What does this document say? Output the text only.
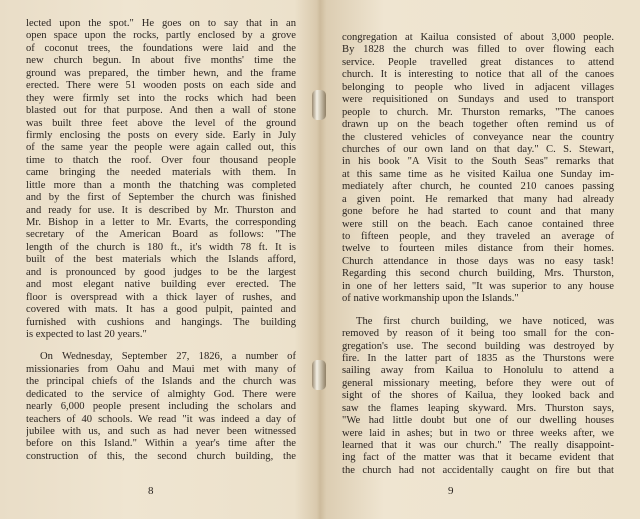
lected upon the spot." He goes on to say that in an
open space upon the rocks, partly enclosed by a grove
of coconut trees, the foundations were laid and the
new church begun. In about five months' time the
ground was prepared, the timber hewn, and the frame
erected. There were 51 wooden posts on each side and
they were firmly set into the rocks which had been
blasted out for that purpose. And then a wall of stone
was built three feet above the level of the ground
firmly enclosing the posts on every side. Early in July
of the same year the people were again called out, this
time to thatch the roof. Over four thousand people
came bringing the needed materials with them. In
little more than a month the thatching was completed
and by the first of September the church was finished
and ready for use. It is described by Mr. Thurston and
Mr. Bishop in a letter to Mr. Evarts, the corresponding
secretary of the American Board as follows: "The
length of the church is 180 ft., it's width 78 ft. It is
built of the best materials which the Islands afford,
and is pronounced by good judges to be the largest
and most elegant native building ever erected. The
floor is overspread with a thick layer of rushes, and
covered with mats. It has a good pulpit, painted and
furnished with cushions and hangings. The building
is expected to last 20 years."
On Wednesday, September 27, 1826, a number of
missionaries from Oahu and Maui met with many of
the principal chiefs of the Islands and the church was
dedicated to the service of almighty God. There were
nearly 6,000 people present including the scholars and
teachers of 40 schools. We read "it was indeed a day of
jubilee with us, and such as had never been witnessed
before on this Island." Within a year's time after the
construction of this, the second church building, the
8
congregation at Kailua consisted of about 3,000 people.
By 1828 the church was filled to over flowing each
service. People travelled great distances to attend
church. It is interesting to notice that all of the canoes
belonging to people who lived in adjacent villages
were requisitioned on Sundays and used to transport
people to church. Mr. Thurston remarks, "The canoes
drawn up on the beach together often remind us of
the clustered vehicles of conveyance near the country
churches of our own land on that day." C. S. Stewart,
in his book "A Visit to the South Seas" remarks that
at this same time as he visited Kailua one Sunday im-
mediately after church, he counted 210 canoes passing
a given point. He remarked that many had already
gone before he had started to count and that many
were still on the beach. Each canoe contained three
to fifteen people, and they traveled an average of
twelve to fourteen miles distance from their homes.
Church attendance in those days was no easy task!
Regarding this second church building, Mrs. Thurston,
in one of her letters said, "It was superior to any house
of native workmanship upon the Islands."
The first church building, we have noticed, was
removed by reason of it being too small for the con-
gregation's use. The second building was destroyed by
fire. In the latter part of 1835 as the Thurstons were
sailing away from Kailua to Honolulu to attend a
general missionary meeting, before they were out of
sight of the shores of Kailua, they looked back and
saw the flames leaping skyward. Mrs. Thurston says,
"We had little doubt but one of our dwelling houses
were laid in ashes; but in two or three weeks after, we
learned that it was our church." The really disappoint-
ing fact of the matter was that it became evident that
the church had not accidentally caught on fire but that
9
